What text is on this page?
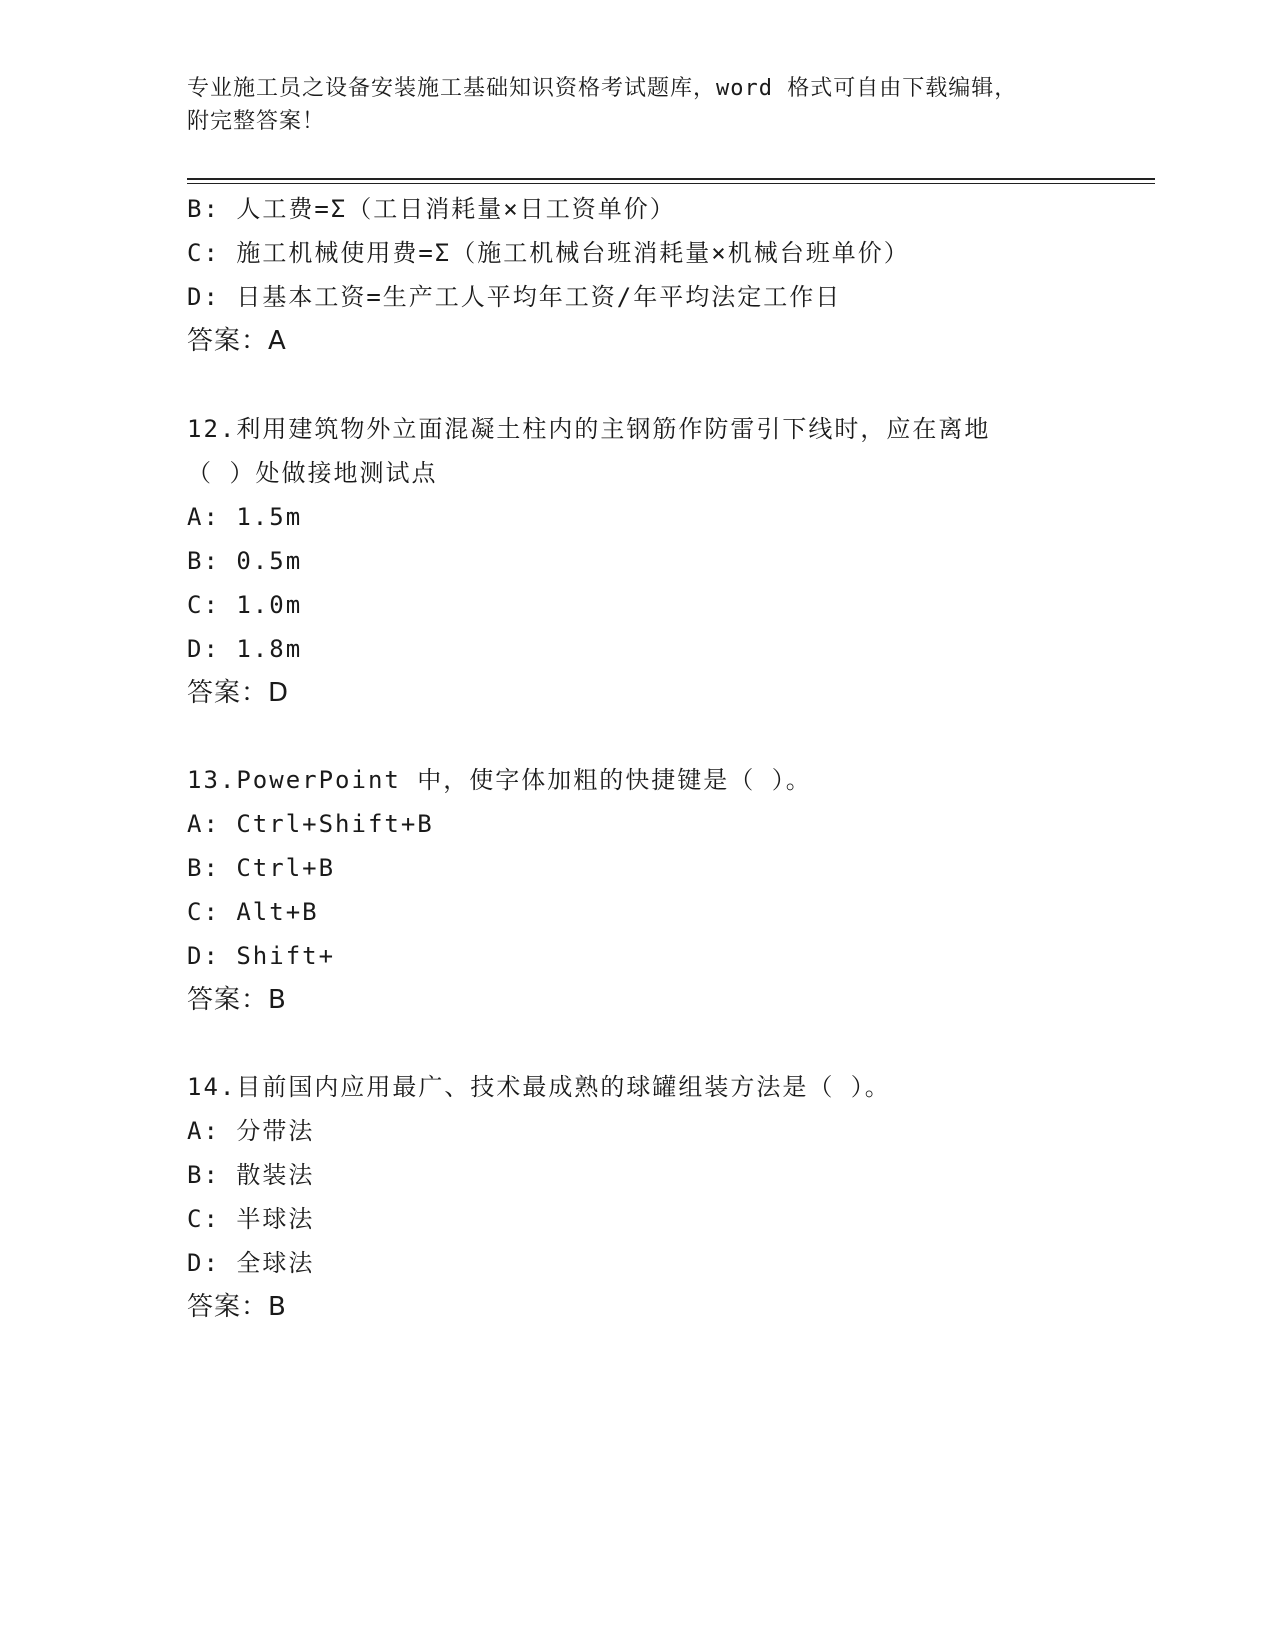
专业施工员之设备安装施工基础知识资格考试题库，word 格式可自由下载编辑，
附完整答案！
B: 人工费=Σ（工日消耗量×日工资单价）
C: 施工机械使用费=Σ（施工机械台班消耗量×机械台班单价）
D: 日基本工资=生产工人平均年工资/年平均法定工作日
答案：A
12.利用建筑物外立面混凝土柱内的主钢筋作防雷引下线时，应在离地
（ ）处做接地测试点
A: 1.5m
B: 0.5m
C: 1.0m
D: 1.8m
答案：D
13.PowerPoint 中，使字体加粗的快捷键是（ ）。
A: Ctrl+Shift+B
B: Ctrl+B
C: Alt+B
D: Shift+
答案：B
14.目前国内应用最广、技术最成熟的球罐组装方法是（ ）。
A: 分带法
B: 散装法
C: 半球法
D: 全球法
答案：B
